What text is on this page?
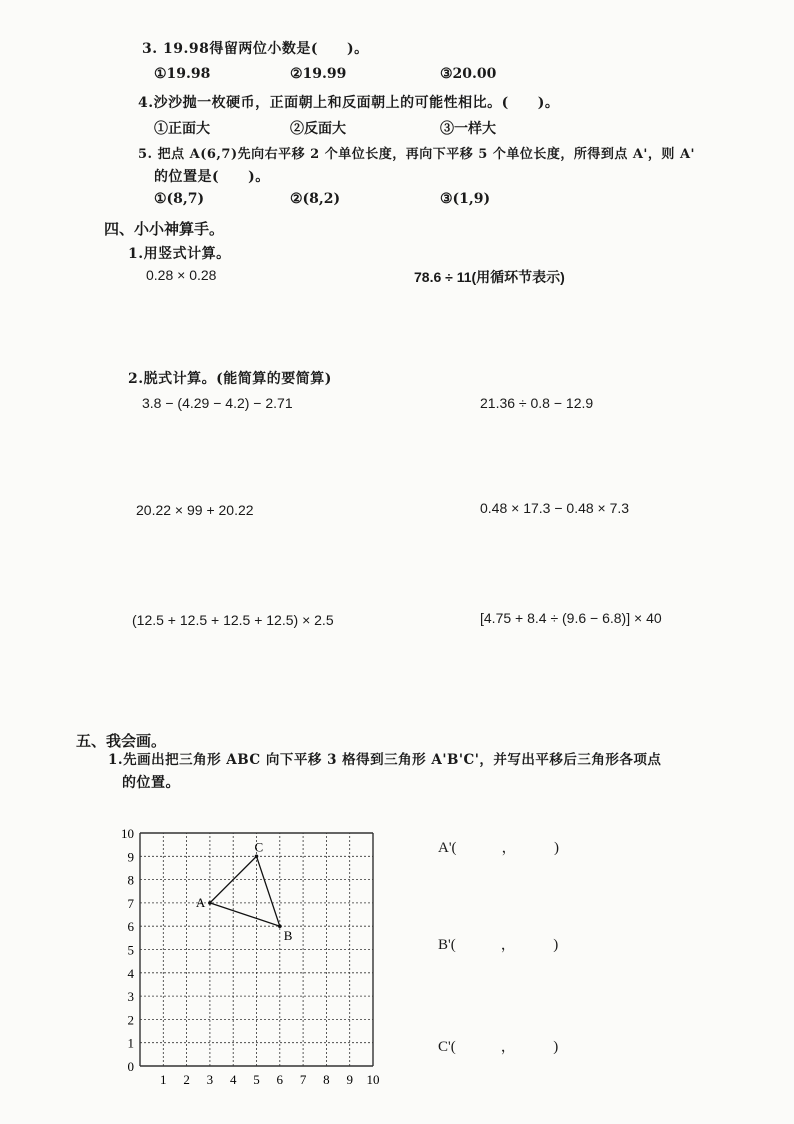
3. 19.98得留两位小数是(　　)。
①19.98	②19.99	③20.00
4.沙沙抛一枚硬币，正面朝上和反面朝上的可能性相比。(　　)。
①正面大	②反面大	③一样大
5. 把点 A(6,7)先向右平移 2 个单位长度，再向下平移 5 个单位长度，所得到点 A'，则 A'
的位置是(　　)。
①(8,7)	②(8,2)	③(1,9)
四、小小神算手。
1.用竖式计算。
0.28 × 0.28	78.6 ÷ 11(用循环节表示)
2.脱式计算。(能简算的要简算)
3.8 − (4.29 − 4.2) − 2.71	21.36 ÷ 0.8 − 12.9
20.22 × 99 + 20.22	0.48 × 17.3 − 0.48 × 7.3
(12.5 + 12.5 + 12.5 + 12.5) × 2.5	[4.75 + 8.4 ÷ (9.6 − 6.8)] × 40
五、我会画。
1.先画出把三角形 ABC 向下平移 3 格得到三角形 A'B'C'，并写出平移后三角形各项点
的位置。
A'(　　　，　　　)
B'(　　　，　　　)
C'(　　　，　　　)
1 2 3 4 5 6 7 8 9 10
0
1
2
3
4
5
6
7
8
9
10
A
B
C
